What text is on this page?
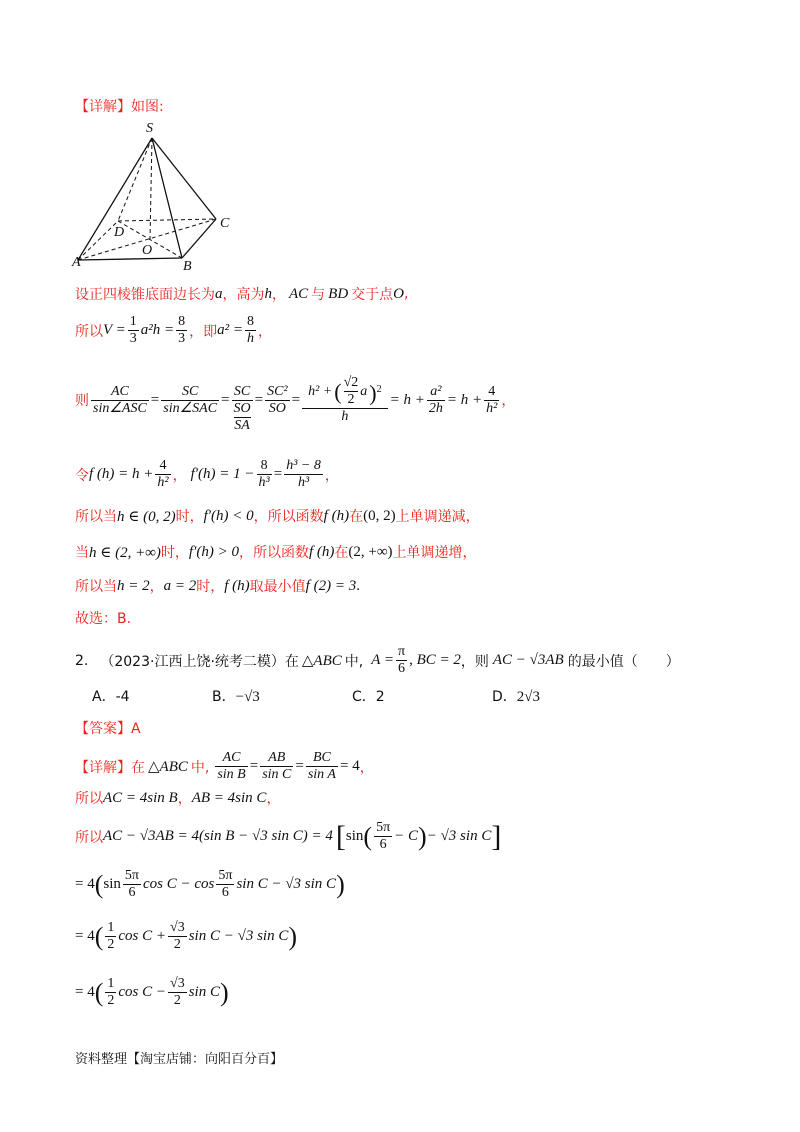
【详解】如图:
S
C
D
O
A	B
设正四棱锥底面边长为 a ，高为 h ， AC 与 BD 交于点 O ,
所以 $V = \frac{1}{3} a^2h = \frac{8}{3}$ ，即 $a^2 = \frac{8}{h}$ ，
则 $\frac{AC}{\text{sin∠ASC}} = \frac{SC}{\text{sin∠SAC}}$ = SC
SO
SA = $\frac{\text{SC²}}{SO}$ =
h² + ( √2
2
a )$^2$
h
= $h + \frac{\text{a²}}{2h} = h + \frac{4}{\text{h²}}$ ，
令 f $(h) = h + \frac{4}{\text{h²}}$ ， $f'(h) = 1 - \frac{8}{\text{h³}} = \frac{\text{h³ − 8}}{\text{h³}}$ ，
所以当 h ∈ (0, 2) 时， f′(h) < 0 ，所以函数 f (h) 在 (0, 2) 上单调递减，
当 h ∈ (2, +∞) 时， f′(h) > 0 ，所以函数 f (h) 在 (2, +∞) 上单调递增，
所以当 h = 2 ， a = 2 时， f (h) 取最小值 f (2) = 3 .
故选：B.
2. （2023·江西上饶·统考二模）在 △ABC 中, $A = \frac{\pi}{6}$ , BC = 2 ，则 AC − √3AB 的最小值（　　）
A．-4	B．−√3	C．2	D．2√3
【答案】A
【详解】在 △ABC 中, $\frac{AC}{\text{sin B}} = \frac{AB}{\text{sin C}} = \frac{BC}{\text{sin A}} = 4$ ，
所以 AC = 4sin B ， AB = 4sin C ，
所以 AC − √3AB = 4(sin B − √3 sin C) = 4 [ sin ( $\frac{5\pi}{6} - C$ ) − √3 sin C ]
= 4 ( $\sin \frac{5\pi}{6}$ $\cos C - \cos \frac{5\pi}{6}$ sin C − √3 sin C )
= 4 ( $\frac{1}{2}$ $\cos C + \frac{√3}{2}$ sin C − √3 sin C )
= 4 ( $\frac{1}{2}$ $\cos C - \frac{√3}{2}$ sin C )
资料整理【淘宝店铺：向阳百分百】
